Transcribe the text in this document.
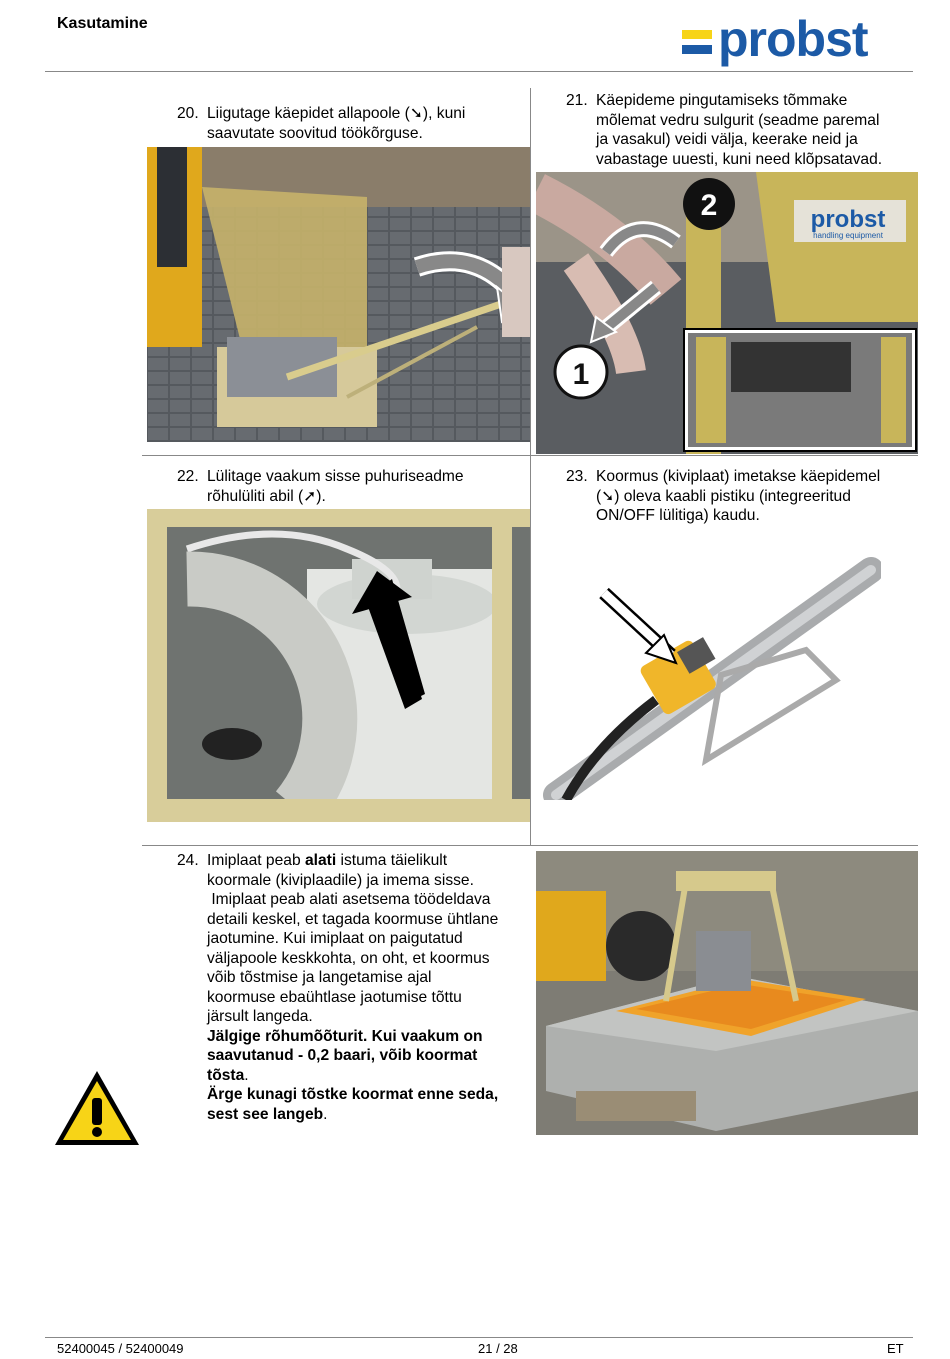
Kasutamine	probst
20. Liigutage käepidet allapoole (➘), kuni
saavutate soovitud töökõrguse.
21. Käepideme pingutamiseks tõmmake
mõlemat vedru sulgurit (seadme paremal
ja vasakul) veidi välja, keerake neid ja
vabastage uuesti, kuni need klõpsatavad.
probst
handling equipment
2
1
22. Lülitage vaakum sisse puhuriseadme
rõhulüliti abil (➚).
23. Koormus (kiviplaat) imetakse käepidemel
(➘) oleva kaabli pistiku (integreeritud
ON/OFF lülitiga) kaudu.
24. Imiplaat peab alati istuma täielikult
koormale (kiviplaadile) ja imema sisse.
Imiplaat peab alati asetsema töödeldava
detaili keskel, et tagada koormuse ühtlane
jaotumine. Kui imiplaat on paigutatud
väljapoole keskkohta, on oht, et koormus
võib tõstmise ja langetamise ajal
koormuse ebaühtlase jaotumise tõttu
järsult langeda.
Jälgige rõhumõõturit. Kui vaakum on
saavutanud - 0,2 baari, võib koormat
tõsta.
Ärge kunagi tõstke koormat enne seda,
sest see langeb.
52400045 / 52400049	21 / 28	ET
